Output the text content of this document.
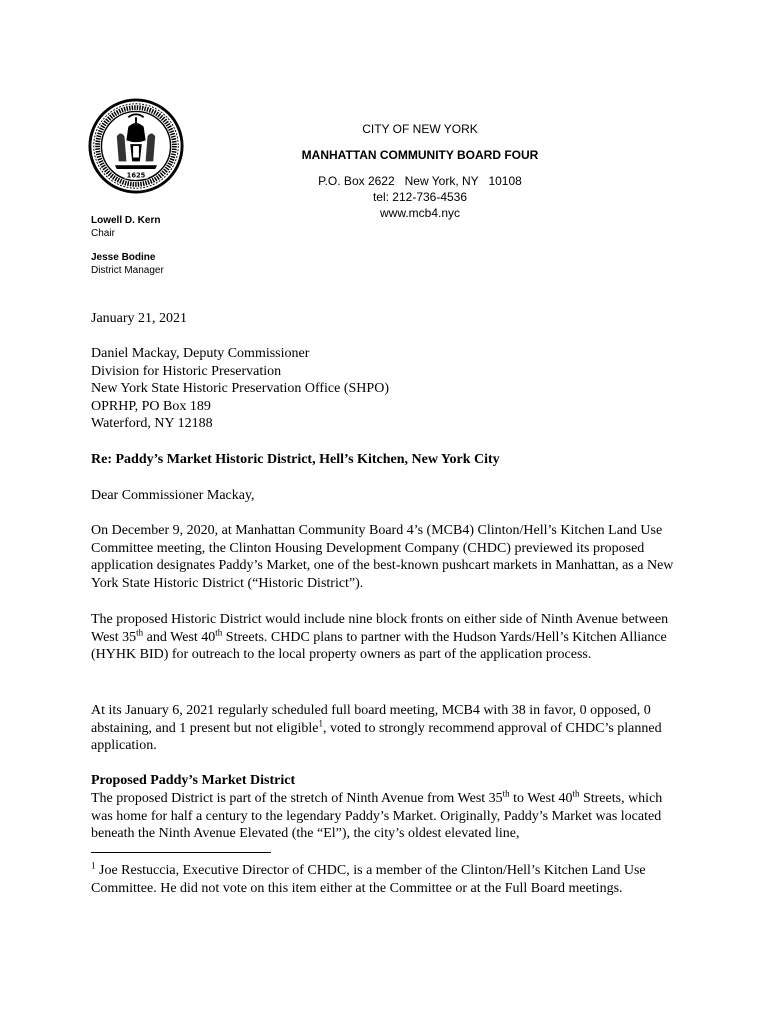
1625
CITY OF NEW YORK
MANHATTAN COMMUNITY BOARD FOUR
P.O. Box 2622   New York, NY   10108
tel: 212-736-4536
www.mcb4.nyc
Lowell D. Kern
Chair
Jesse Bodine
District Manager
January 21, 2021
Daniel Mackay, Deputy Commissioner
Division for Historic Preservation
New York State Historic Preservation Office (SHPO)
OPRHP, PO Box 189
Waterford, NY 12188
Re: Paddy’s Market Historic District, Hell’s Kitchen, New York City
Dear Commissioner Mackay,

On December 9, 2020, at Manhattan Community Board 4’s (MCB4) Clinton/Hell’s Kitchen Land Use Committee meeting, the Clinton Housing Development Company (CHDC) previewed its proposed application designates Paddy’s Market, one of the best-known pushcart markets in Manhattan, as a New York State Historic District (“Historic District”).

The proposed Historic District would include nine block fronts on either side of Ninth Avenue between West 35th and West 40th Streets. CHDC plans to partner with the Hudson Yards/Hell’s Kitchen Alliance (HYHK BID) for outreach to the local property owners as part of the application process.

At its January 6, 2021 regularly scheduled full board meeting, MCB4 with 38 in favor, 0 opposed, 0 abstaining, and 1 present but not eligible$^1$, voted to strongly recommend approval of CHDC’s planned application.

Proposed Paddy’s Market District

The proposed District is part of the stretch of Ninth Avenue from West 35th to West 40th Streets, which was home for half a century to the legendary Paddy’s Market. Originally, Paddy’s Market was located beneath the Ninth Avenue Elevated (the “El”), the city’s oldest elevated line,

$^1$ Joe Restuccia, Executive Director of CHDC, is a member of the Clinton/Hell’s Kitchen Land Use Committee. He did not vote on this item either at the Committee or at the Full Board meetings.
